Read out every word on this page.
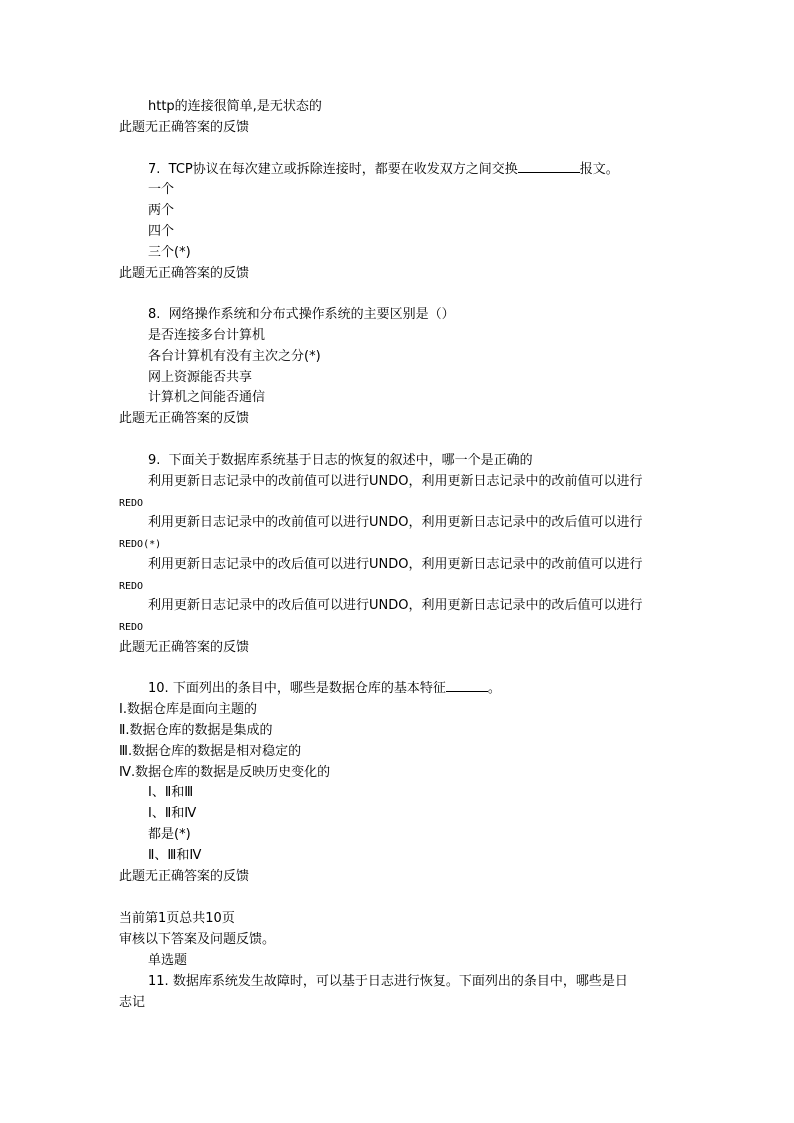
http的连接很简单,是无状态的
此题无正确答案的反馈
7. TCP协议在每次建立或拆除连接时，都要在收发双方之间交换	报文。
一个
两个
四个
三个(*)
此题无正确答案的反馈
8. 网络操作系统和分布式操作系统的主要区别是（）
是否连接多台计算机
各台计算机有没有主次之分(*)
网上资源能否共享
计算机之间能否通信
此题无正确答案的反馈
9. 下面关于数据库系统基于日志的恢复的叙述中，哪一个是正确的
利用更新日志记录中的改前值可以进行UNDO，利用更新日志记录中的改前值可以进行
REDO
利用更新日志记录中的改前值可以进行UNDO，利用更新日志记录中的改后值可以进行
REDO(*)
利用更新日志记录中的改后值可以进行UNDO，利用更新日志记录中的改前值可以进行
REDO
利用更新日志记录中的改后值可以进行UNDO，利用更新日志记录中的改后值可以进行
REDO
此题无正确答案的反馈
10. 下面列出的条目中，哪些是数据仓库的基本特征	。
Ⅰ.数据仓库是面向主题的
Ⅱ.数据仓库的数据是集成的
Ⅲ.数据仓库的数据是相对稳定的
Ⅳ.数据仓库的数据是反映历史变化的
Ⅰ、Ⅱ和Ⅲ
Ⅰ、Ⅱ和Ⅳ
都是(*)
Ⅱ、Ⅲ和Ⅳ
此题无正确答案的反馈
当前第1页总共10页
审核以下答案及问题反馈。
单选题
11. 数据库系统发生故障时，可以基于日志进行恢复。下面列出的条目中，哪些是日
志记
